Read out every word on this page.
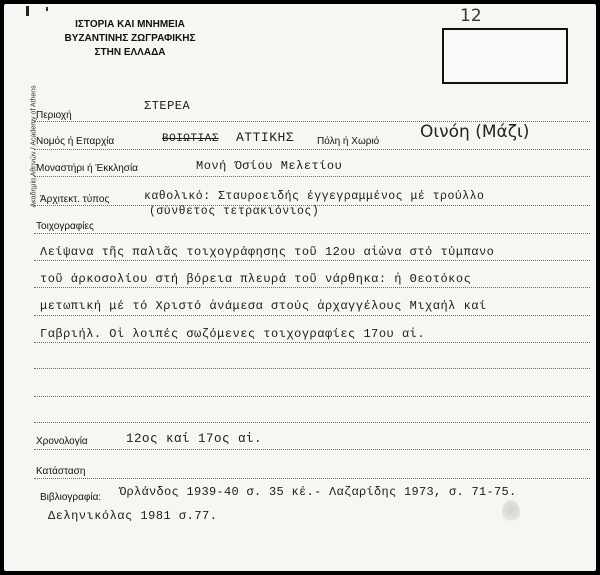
Ακαδημία Αθηνών / Academy of Athens
ΙΣΤΟΡΙΑ ΚΑΙ ΜΝΗΜΕΙΑ
ΒΥΖΑΝΤΙΝΗΣ ΖΩΓΡΑΦΙΚΗΣ
ΣΤΗΝ ΕΛΛΑΔΑ
12
Περιοχή
ΣΤΕΡΕΑ
Νομός ή Επαρχία	ΒΟΙΩΤΙΑΣ ΑΤΤΙΚΗΣ Πόλη ή Χωριό Οινόη (Μάζι)
Μοναστήρι ή Έκκλησία	Μονή Όσίου Μελετίου
Άρχιτεκτ. τύπος	καθολικό: Σταυροειδής έγγεγραμμένος μέ τρούλλο
(σύνθετος τετρακιόνιος)
Τοιχογραφίες
Λείψανα τῆς παλιᾶς τοιχογράφησης τοῦ 12ου αἰώνα στό τύμπανο
τοῦ άρκοσολίου στή βόρεια πλευρά τοῦ νάρθηκα: ἡ Θεοτόκος
μετωπική μέ τό Χριστό ἀνάμεσα στούς ἀρχαγγέλους Μιχαήλ καί
Γαβριήλ. Οἱ λοιπές σωζόμενες τοιχογραφίες 17ου αἰ.
Χρονολογία	12ος καί 17ος αἰ.
Κατάσταση
Βιβλιογραφία: Όρλάνδος 1939-40 σ. 35 κέ.- Λαζαρίδης 1973, σ. 71-75.
Δεληνικόλας 1981 σ.77.
